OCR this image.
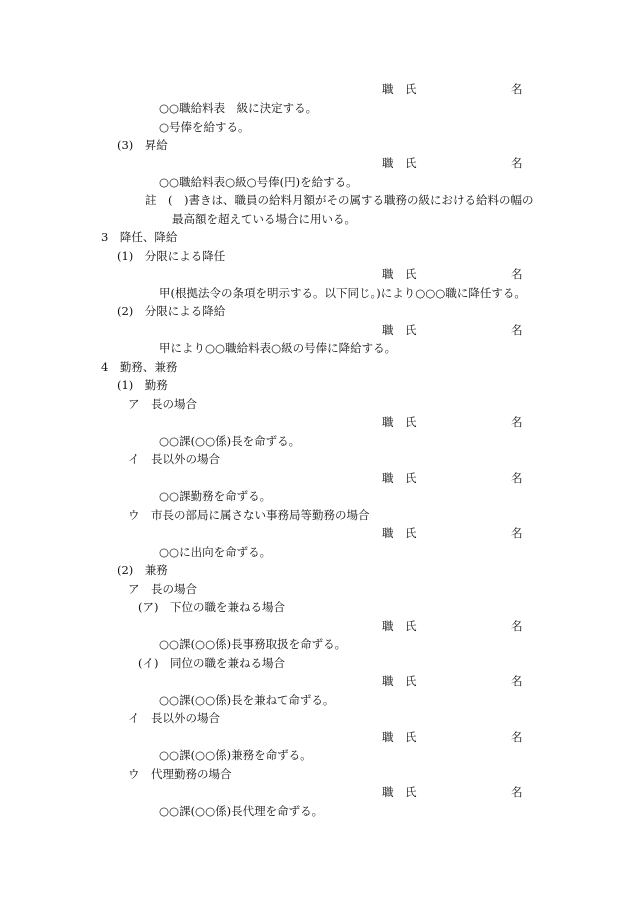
職 氏	名
○○職給料表　級に決定する。
○号俸を給する。
(3)　昇給
職 氏	名
○○職給料表○級○号俸(円)を給する。
註　(　)書きは、職員の給料月額がその属する職務の級における給料の幅の
最高額を超えている場合に用いる。
3　降任、降給
(1)　分限による降任
職 氏	名
甲(根拠法令の条項を明示する。以下同じ。)により○○○職に降任する。
(2)　分限による降給
職 氏	名
甲により○○職給料表○級の号俸に降給する。
4　勤務、兼務
(1)　勤務
ア　長の場合
職 氏	名
○○課(○○係)長を命ずる。
イ　長以外の場合
職 氏	名
○○課勤務を命ずる。
ウ　市長の部局に属さない事務局等勤務の場合
職 氏	名
○○に出向を命ずる。
(2)　兼務
ア　長の場合
(ア)　下位の職を兼ねる場合
職 氏	名
○○課(○○係)長事務取扱を命ずる。
(イ)　同位の職を兼ねる場合
職 氏	名
○○課(○○係)長を兼ねて命ずる。
イ　長以外の場合
職 氏	名
○○課(○○係)兼務を命ずる。
ウ　代理勤務の場合
職 氏	名
○○課(○○係)長代理を命ずる。
